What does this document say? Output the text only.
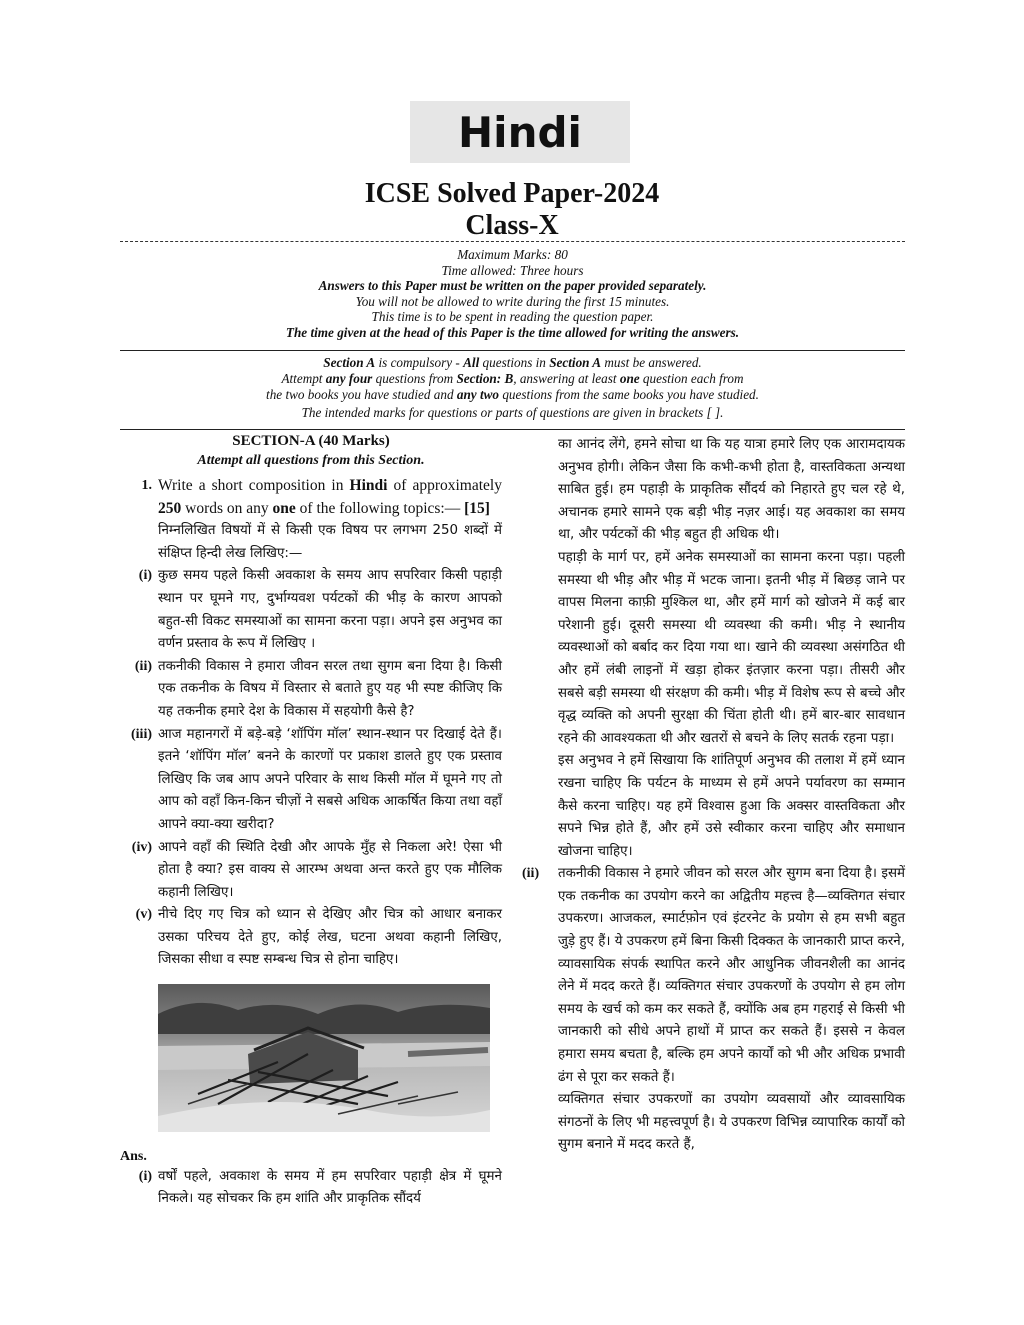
Hindi
ICSE Solved Paper-2024
Class-X
Maximum Marks: 80
Time allowed: Three hours
Answers to this Paper must be written on the paper provided separately.
You will not be allowed to write during the first 15 minutes.
This time is to be spent in reading the question paper.
The time given at the head of this Paper is the time allowed for writing the answers.
Section A is compulsory - All questions in Section A must be answered.
Attempt any four questions from Section: B, answering at least one question each from
the two books you have studied and any two questions from the same books you have studied.
The intended marks for questions or parts of questions are given in brackets [ ].
SECTION-A (40 Marks)
Attempt all questions from this Section.
1. Write a short composition in Hindi of approximately 250 words on any one of the following topics:— [15]

निम्नलिखित विषयों में से किसी एक विषय पर लगभग 250 शब्दों में संक्षिप्त हिन्दी लेख लिखिए:—

(i) कुछ समय पहले किसी अवकाश के समय आप सपरिवार किसी पहाड़ी स्थान पर घूमने गए, दुर्भाग्यवश पर्यटकों की भीड़ के कारण आपको बहुत-सी विकट समस्याओं का सामना करना पड़ा। अपने इस अनुभव का वर्णन प्रस्ताव के रूप में लिखिए ।

(ii) तकनीकी विकास ने हमारा जीवन सरल तथा सुगम बना दिया है। किसी एक तकनीक के विषय में विस्तार से बताते हुए यह भी स्पष्ट कीजिए कि यह तकनीक हमारे देश के विकास में सहयोगी कैसे है?

(iii) आज महानगरों में बड़े-बड़े ‘शॉपिंग मॉल’ स्थान-स्थान पर दिखाई देते हैं। इतने ‘शॉपिंग मॉल’ बनने के कारणों पर प्रकाश डालते हुए एक प्रस्ताव लिखिए कि जब आप अपने परिवार के साथ किसी मॉल में घूमने गए तो आप को वहाँ किन-किन चीज़ों ने सबसे अधिक आकर्षित किया तथा वहाँ आपने क्या-क्या खरीदा?

(iv) आपने वहाँ की स्थिति देखी और आपके मुँह से निकला अरे! ऐसा भी होता है क्या? इस वाक्य से आरम्भ अथवा अन्त करते हुए एक मौलिक कहानी लिखिए।

(v) नीचे दिए गए चित्र को ध्यान से देखिए और चित्र को आधार बनाकर उसका परिचय देते हुए, कोई लेख, घटना अथवा कहानी लिखिए, जिसका सीधा व स्पष्ट सम्बन्ध चित्र से होना चाहिए।

Ans.
(i) वर्षों पहले, अवकाश के समय में हम सपरिवार पहाड़ी क्षेत्र में घूमने निकले। यह सोचकर कि हम शांति और प्राकृतिक सौंदर्य

का आनंद लेंगे, हमने सोचा था कि यह यात्रा हमारे लिए एक आरामदायक अनुभव होगी। लेकिन जैसा कि कभी-कभी होता है, वास्तविकता अन्यथा साबित हुई। हम पहाड़ी के प्राकृतिक सौंदर्य को निहारते हुए चल रहे थे, अचानक हमारे सामने एक बड़ी भीड़ नज़र आई। यह अवकाश का समय था, और पर्यटकों की भीड़ बहुत ही अधिक थी।

पहाड़ी के मार्ग पर, हमें अनेक समस्याओं का सामना करना पड़ा। पहली समस्या थी भीड़ और भीड़ में भटक जाना। इतनी भीड़ में बिछड़ जाने पर वापस मिलना काफ़ी मुश्किल था, और हमें मार्ग को खोजने में कई बार परेशानी हुई। दूसरी समस्या थी व्यवस्था की कमी। भीड़ ने स्थानीय व्यवस्थाओं को बर्बाद कर दिया गया था। खाने की व्यवस्था असंगठित थी और हमें लंबी लाइनों में खड़ा होकर इंतज़ार करना पड़ा। तीसरी और सबसे बड़ी समस्या थी संरक्षण की कमी। भीड़ में विशेष रूप से बच्चे और वृद्ध व्यक्ति को अपनी सुरक्षा की चिंता होती थी। हमें बार-बार सावधान रहने की आवश्यकता थी और खतरों से बचने के लिए सतर्क रहना पड़ा।

इस अनुभव ने हमें सिखाया कि शांतिपूर्ण अनुभव की तलाश में हमें ध्यान रखना चाहिए कि पर्यटन के माध्यम से हमें अपने पर्यावरण का सम्मान कैसे करना चाहिए। यह हमें विश्वास हुआ कि अक्सर वास्तविकता और सपने भिन्न होते हैं, और हमें उसे स्वीकार करना चाहिए और समाधान खोजना चाहिए।

(ii)	तकनीकी विकास ने हमारे जीवन को सरल और सुगम बना दिया है। इसमें एक तकनीक का उपयोग करने का अद्वितीय महत्त्व है—व्यक्तिगत संचार उपकरण। आजकल, स्मार्टफ़ोन एवं इंटरनेट के प्रयोग से हम सभी बहुत जुड़े हुए हैं। ये उपकरण हमें बिना किसी दिक्कत के जानकारी प्राप्त करने, व्यावसायिक संपर्क स्थापित करने और आधुनिक जीवनशैली का आनंद लेने में मदद करते हैं। व्यक्तिगत संचार उपकरणों के उपयोग से हम लोग समय के खर्च को कम कर सकते हैं, क्योंकि अब हम गहराई से किसी भी जानकारी को सीधे अपने हाथों में प्राप्त कर सकते हैं। इससे न केवल हमारा समय बचता है, बल्कि हम अपने कार्यों को भी और अधिक प्रभावी ढंग से पूरा कर सकते हैं।

व्यक्तिगत संचार उपकरणों का उपयोग व्यवसायों और व्यावसायिक संगठनों के लिए भी महत्त्वपूर्ण है। ये उपकरण विभिन्न व्यापारिक कार्यों को सुगम बनाने में मदद करते हैं,
